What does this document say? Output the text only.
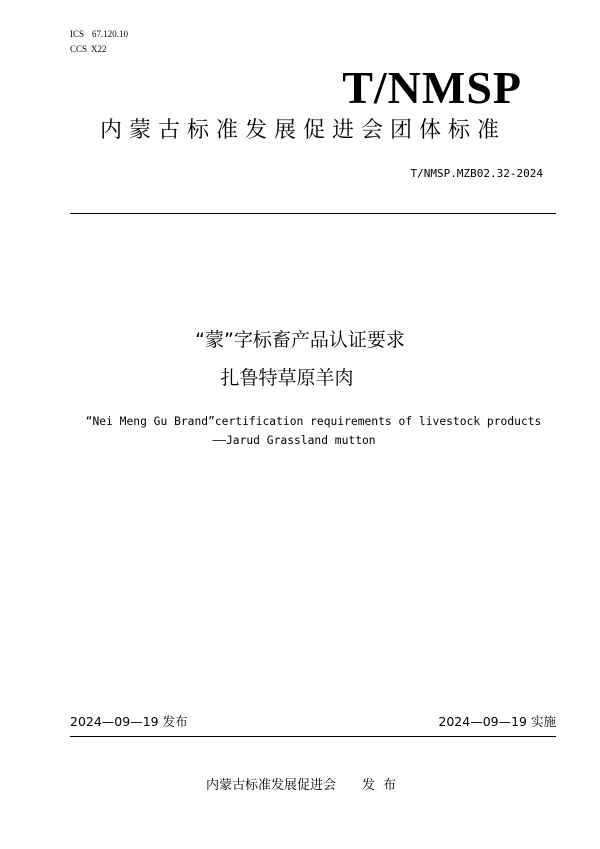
ICS 67.120.10
CCS X22
T/NMSP
内蒙古标准发展促进会团体标准
T/NMSP.MZB02.32-2024
“蒙”字标畜产品认证要求
扎鲁特草原羊肉
“Nei Meng Gu Brand”certification requirements of livestock products
——Jarud Grassland mutton
2024—09—19 发布	2024—09—19 实施
内蒙古标准发展促进会 发布
